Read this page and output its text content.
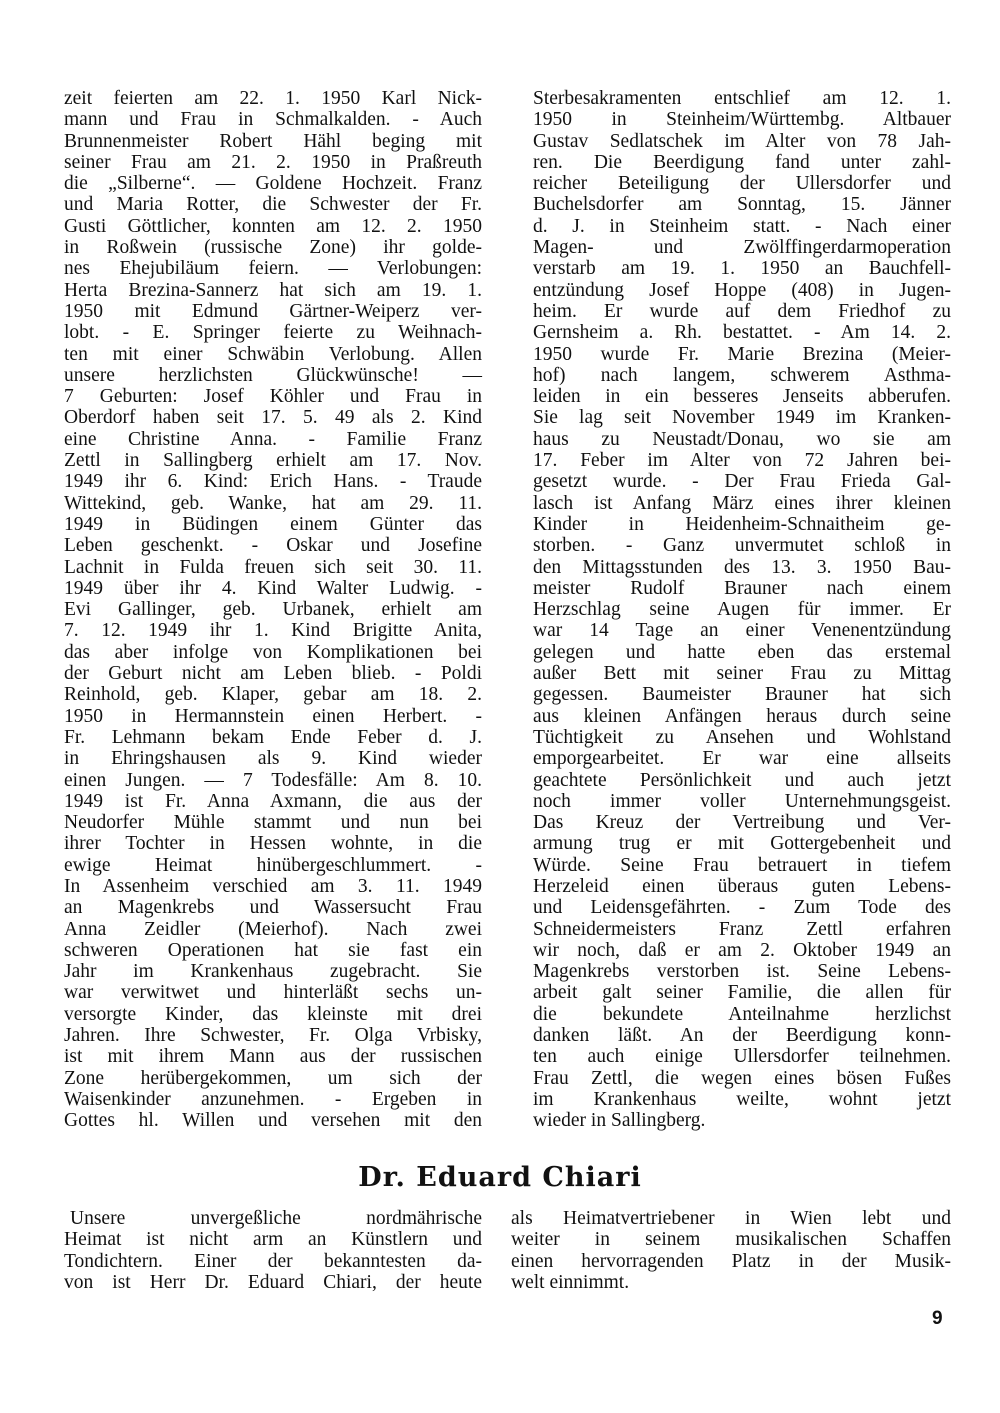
zeit feierten am 22. 1. 1950 Karl Nick-
mann und Frau in Schmalkalden. - Auch
Brunnenmeister Robert Hähl beging mit
seiner Frau am 21. 2. 1950 in Praßreuth
die „Silberne“. — Goldene Hochzeit. Franz
und Maria Rotter, die Schwester der Fr.
Gusti Göttlicher, konnten am 12. 2. 1950
in Roßwein (russische Zone) ihr golde-
nes Ehejubiläum feiern. — Verlobungen:
Herta Brezina-Sannerz hat sich am 19. 1.
1950 mit Edmund Gärtner-Weiperz ver-
lobt. - E. Springer feierte zu Weihnach-
ten mit einer Schwäbin Verlobung. Allen
unsere herzlichsten Glückwünsche! —
7 Geburten: Josef Köhler und Frau in
Oberdorf haben seit 17. 5. 49 als 2. Kind
eine Christine Anna. - Familie Franz
Zettl in Sallingberg erhielt am 17. Nov.
1949 ihr 6. Kind: Erich Hans. - Traude
Wittekind, geb. Wanke, hat am 29. 11.
1949 in Büdingen einem Günter das
Leben geschenkt. - Oskar und Josefine
Lachnit in Fulda freuen sich seit 30. 11.
1949 über ihr 4. Kind Walter Ludwig. -
Evi Gallinger, geb. Urbanek, erhielt am
7. 12. 1949 ihr 1. Kind Brigitte Anita,
das aber infolge von Komplikationen bei
der Geburt nicht am Leben blieb. - Poldi
Reinhold, geb. Klaper, gebar am 18. 2.
1950 in Hermannstein einen Herbert. -
Fr. Lehmann bekam Ende Feber d. J.
in Ehringshausen als 9. Kind wieder
einen Jungen. — 7 Todesfälle: Am 8. 10.
1949 ist Fr. Anna Axmann, die aus der
Neudorfer Mühle stammt und nun bei
ihrer Tochter in Hessen wohnte, in die
ewige Heimat hinübergeschlummert. -
In Assenheim verschied am 3. 11. 1949
an Magenkrebs und Wassersucht Frau
Anna Zeidler (Meierhof). Nach zwei
schweren Operationen hat sie fast ein
Jahr im Krankenhaus zugebracht. Sie
war verwitwet und hinterläßt sechs un-
versorgte Kinder, das kleinste mit drei
Jahren. Ihre Schwester, Fr. Olga Vrbisky,
ist mit ihrem Mann aus der russischen
Zone herübergekommen, um sich der
Waisenkinder anzunehmen. - Ergeben in
Gottes hl. Willen und versehen mit den
Sterbesakramenten entschlief am 12. 1.
1950 in Steinheim/Württembg. Altbauer
Gustav Sedlatschek im Alter von 78 Jah-
ren. Die Beerdigung fand unter zahl-
reicher Beteiligung der Ullersdorfer und
Buchelsdorfer am Sonntag, 15. Jänner
d. J. in Steinheim statt. - Nach einer
Magen- und Zwölffingerdarmoperation
verstarb am 19. 1. 1950 an Bauchfell-
entzündung Josef Hoppe (408) in Jugen-
heim. Er wurde auf dem Friedhof zu
Gernsheim a. Rh. bestattet. - Am 14. 2.
1950 wurde Fr. Marie Brezina (Meier-
hof) nach langem, schwerem Asthma-
leiden in ein besseres Jenseits abberufen.
Sie lag seit November 1949 im Kranken-
haus zu Neustadt/Donau, wo sie am
17. Feber im Alter von 72 Jahren bei-
gesetzt wurde. - Der Frau Frieda Gal-
lasch ist Anfang März eines ihrer kleinen
Kinder in Heidenheim-Schnaitheim ge-
storben. - Ganz unvermutet schloß in
den Mittagsstunden des 13. 3. 1950 Bau-
meister Rudolf Brauner nach einem
Herzschlag seine Augen für immer. Er
war 14 Tage an einer Venenentzündung
gelegen und hatte eben das erstemal
außer Bett mit seiner Frau zu Mittag
gegessen. Baumeister Brauner hat sich
aus kleinen Anfängen heraus durch seine
Tüchtigkeit zu Ansehen und Wohlstand
emporgearbeitet. Er war eine allseits
geachtete Persönlichkeit und auch jetzt
noch immer voller Unternehmungsgeist.
Das Kreuz der Vertreibung und Ver-
armung trug er mit Gottergebenheit und
Würde. Seine Frau betrauert in tiefem
Herzeleid einen überaus guten Lebens-
und Leidensgefährten. - Zum Tode des
Schneidermeisters Franz Zettl erfahren
wir noch, daß er am 2. Oktober 1949 an
Magenkrebs verstorben ist. Seine Lebens-
arbeit galt seiner Familie, die allen für
die bekundete Anteilnahme herzlichst
danken läßt. An der Beerdigung konn-
ten auch einige Ullersdorfer teilnehmen.
Frau Zettl, die wegen eines bösen Fußes
im Krankenhaus weilte, wohnt jetzt
wieder in Sallingberg.
Dr. Eduard Chiari
Unsere unvergeßliche nordmährische
Heimat ist nicht arm an Künstlern und
Tondichtern. Einer der bekanntesten da-
von ist Herr Dr. Eduard Chiari, der heute
als Heimatvertriebener in Wien lebt und
weiter in seinem musikalischen Schaffen
einen hervorragenden Platz in der Musik-
welt einnimmt.
9
